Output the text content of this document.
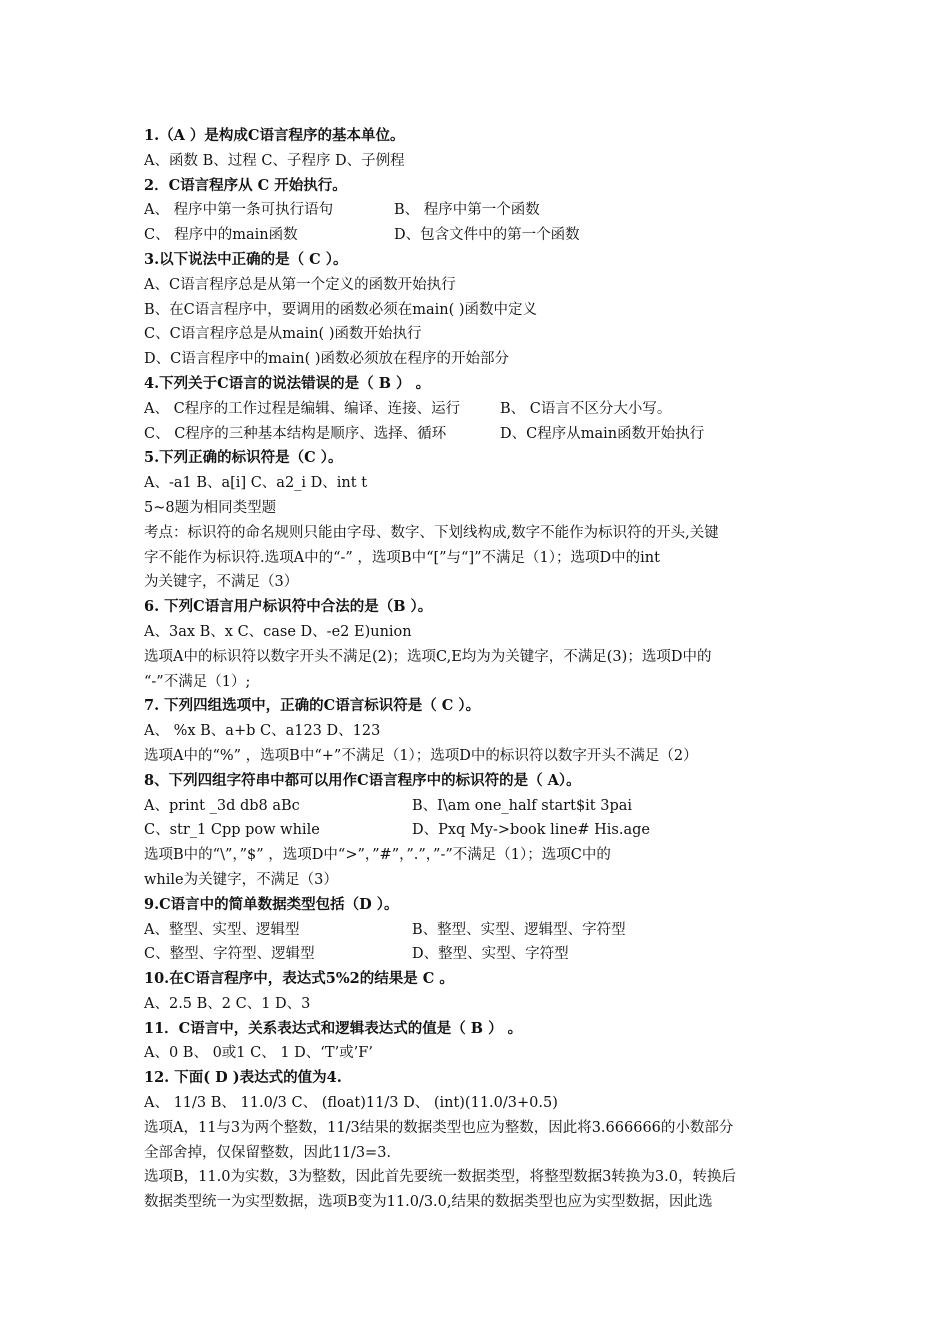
1.（A ）是构成C语言程序的基本单位。
A、函数 B、过程 C、子程序 D、子例程
2．C语言程序从 C 开始执行。
A、 程序中第一条可执行语句	B、 程序中第一个函数
C、 程序中的main函数	D、包含文件中的第一个函数
3.以下说法中正确的是（ C ）。
A、C语言程序总是从第一个定义的函数开始执行
B、在C语言程序中，要调用的函数必须在main( )函数中定义
C、C语言程序总是从main( )函数开始执行
D、C语言程序中的main( )函数必须放在程序的开始部分
4.下列关于C语言的说法错误的是（ B ） 。
A、 C程序的工作过程是编辑、编译、连接、运行	B、 C语言不区分大小写。
C、 C程序的三种基本结构是顺序、选择、循环	D、C程序从main函数开始执行
5.下列正确的标识符是（C ）。
A、-a1 B、a[i] C、a2_i D、int t
5~8题为相同类型题
考点：标识符的命名规则只能由字母、数字、下划线构成,数字不能作为标识符的开头,关键
字不能作为标识符.选项A中的“-” ，选项B中“[”与“]”不满足（1）；选项D中的int
为关键字，不满足（3）
6. 下列C语言用户标识符中合法的是（B ）。
A、3ax B、x C、case D、-e2 E)union
选项A中的标识符以数字开头不满足(2)；选项C,E均为为关键字，不满足(3)；选项D中的
“-”不满足（1）;
7. 下列四组选项中，正确的C语言标识符是（ C ）。
A、 %x B、a+b C、a123 D、123
选项A中的“%” ，选项B中“+”不满足（1）；选项D中的标识符以数字开头不满足（2）
8、下列四组字符串中都可以用作C语言程序中的标识符的是（ A）。
A、print _3d db8 aBc	B、I\am one_half start$it 3pai
C、str_1 Cpp pow while	D、Pxq My->book line# His.age
选项B中的“\”，”$” ，选项D中“>”，”#”，”.”，”-”不满足（1）；选项C中的
while为关键字，不满足（3）
9.C语言中的简单数据类型包括（D ）。
A、整型、实型、逻辑型	B、整型、实型、逻辑型、字符型
C、整型、字符型、逻辑型	D、整型、实型、字符型
10.在C语言程序中，表达式5%2的结果是 C 。
A、2.5 B、2 C、1 D、3
11．C语言中，关系表达式和逻辑表达式的值是（ B ） 。
A、0 B、 0或1 C、 1 D、‘T’或’F’
12. 下面( D )表达式的值为4.
A、 11/3 B、 11.0/3 C、 (float)11/3 D、 (int)(11.0/3+0.5)
选项A，11与3为两个整数，11/3结果的数据类型也应为整数，因此将3.666666的小数部分
全部舍掉，仅保留整数，因此11/3=3.
选项B，11.0为实数，3为整数，因此首先要统一数据类型，将整型数据3转换为3.0，转换后
数据类型统一为实型数据，选项B变为11.0/3.0,结果的数据类型也应为实型数据，因此选
